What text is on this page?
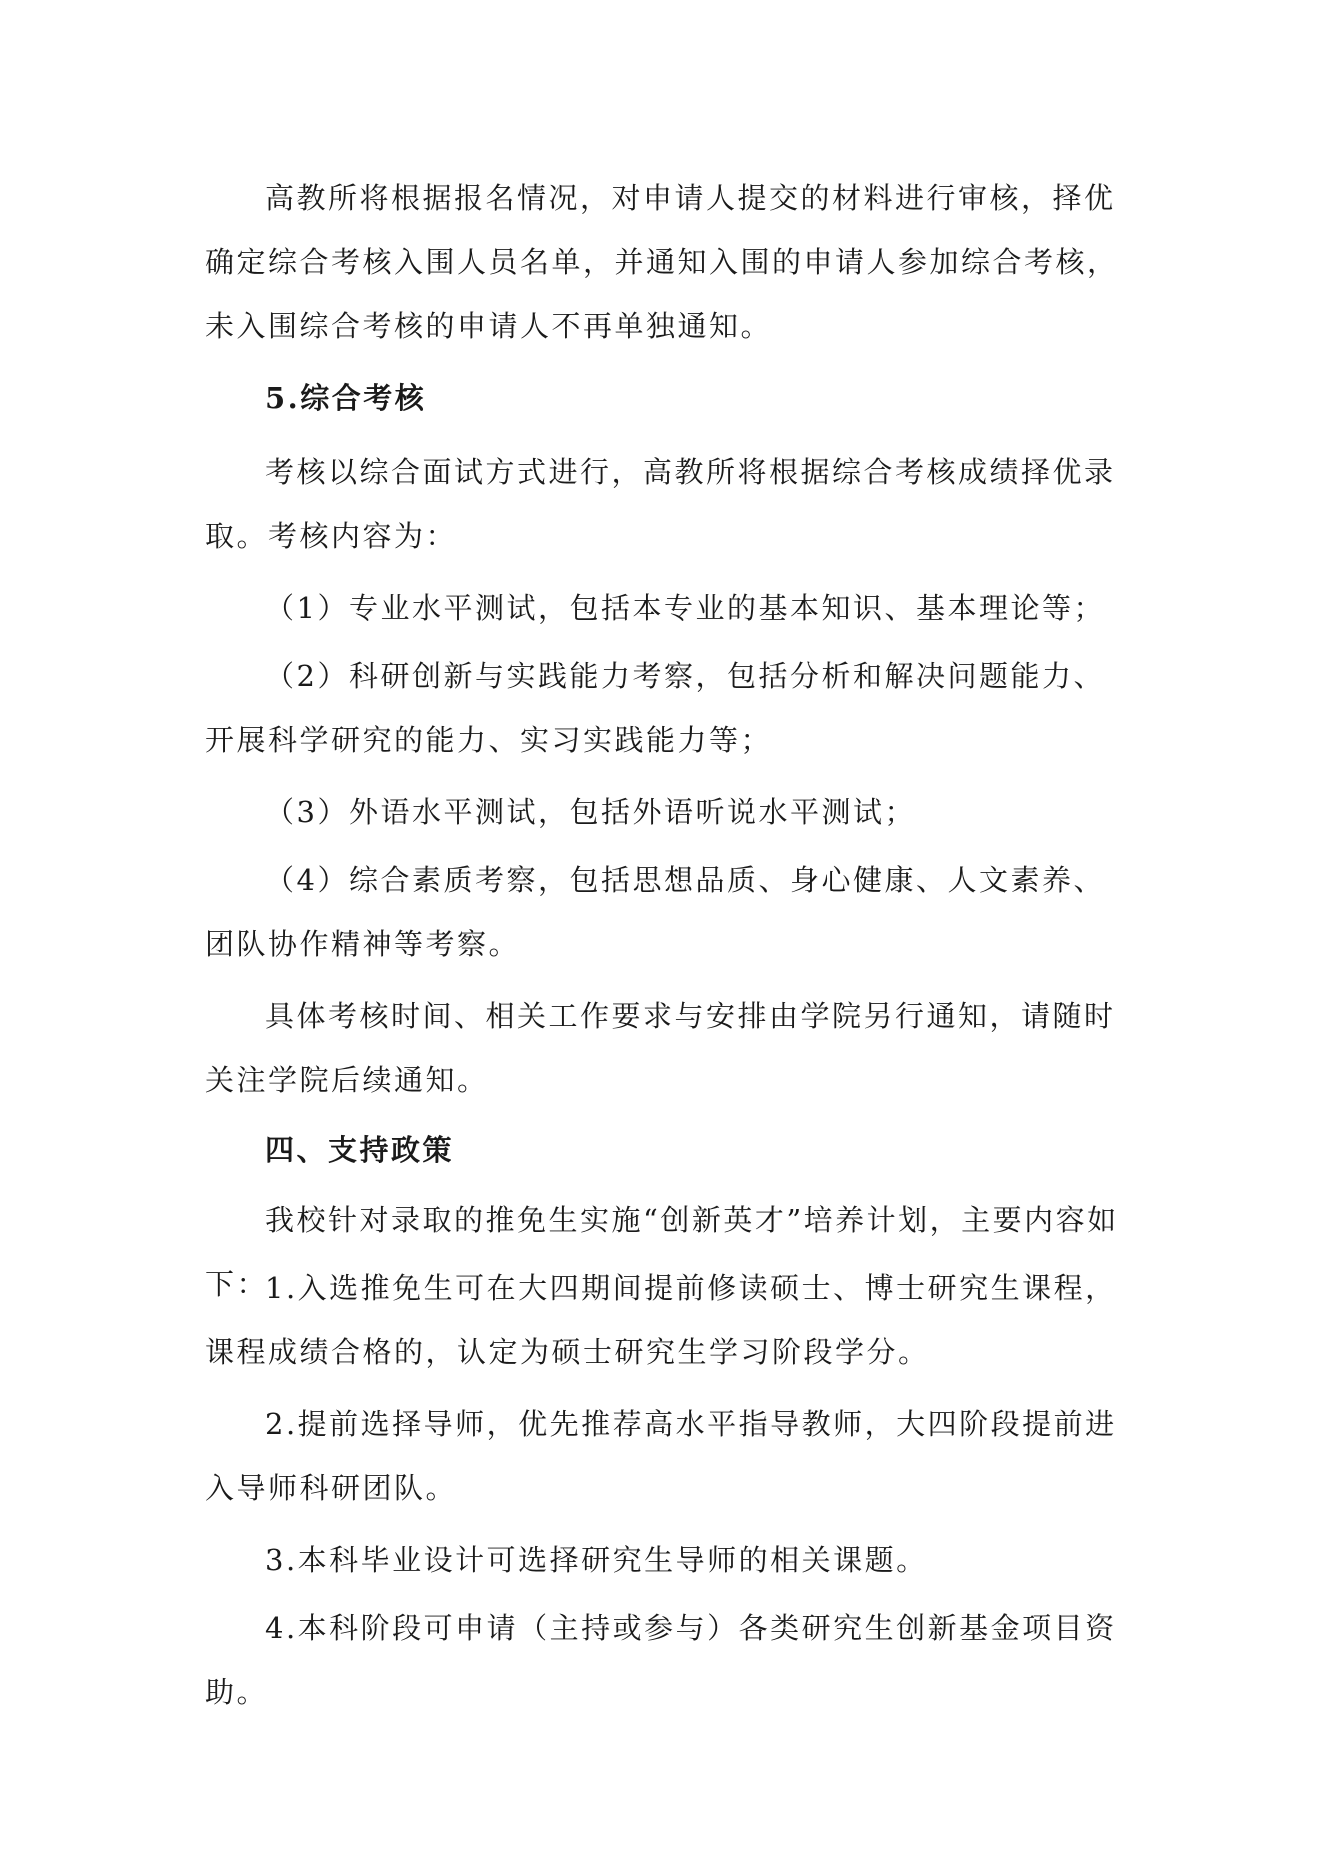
高教所将根据报名情况，对申请人提交的材料进行审核，择优确定综合考核入围人员名单，并通知入围的申请人参加综合考核，未入围综合考核的申请人不再单独通知。

5.综合考核

考核以综合面试方式进行，高教所将根据综合考核成绩择优录取。考核内容为：

（1）专业水平测试，包括本专业的基本知识、基本理论等；

（2）科研创新与实践能力考察，包括分析和解决问题能力、开展科学研究的能力、实习实践能力等；

（3）外语水平测试，包括外语听说水平测试；

（4）综合素质考察，包括思想品质、身心健康、人文素养、团队协作精神等考察。

具体考核时间、相关工作要求与安排由学院另行通知，请随时关注学院后续通知。

四、支持政策

我校针对录取的推免生实施“创新英才”培养计划，主要内容如下：

1.入选推免生可在大四期间提前修读硕士、博士研究生课程，课程成绩合格的，认定为硕士研究生学习阶段学分。

2.提前选择导师，优先推荐高水平指导教师，大四阶段提前进入导师科研团队。

3.本科毕业设计可选择研究生导师的相关课题。

4.本科阶段可申请（主持或参与）各类研究生创新基金项目资助。
